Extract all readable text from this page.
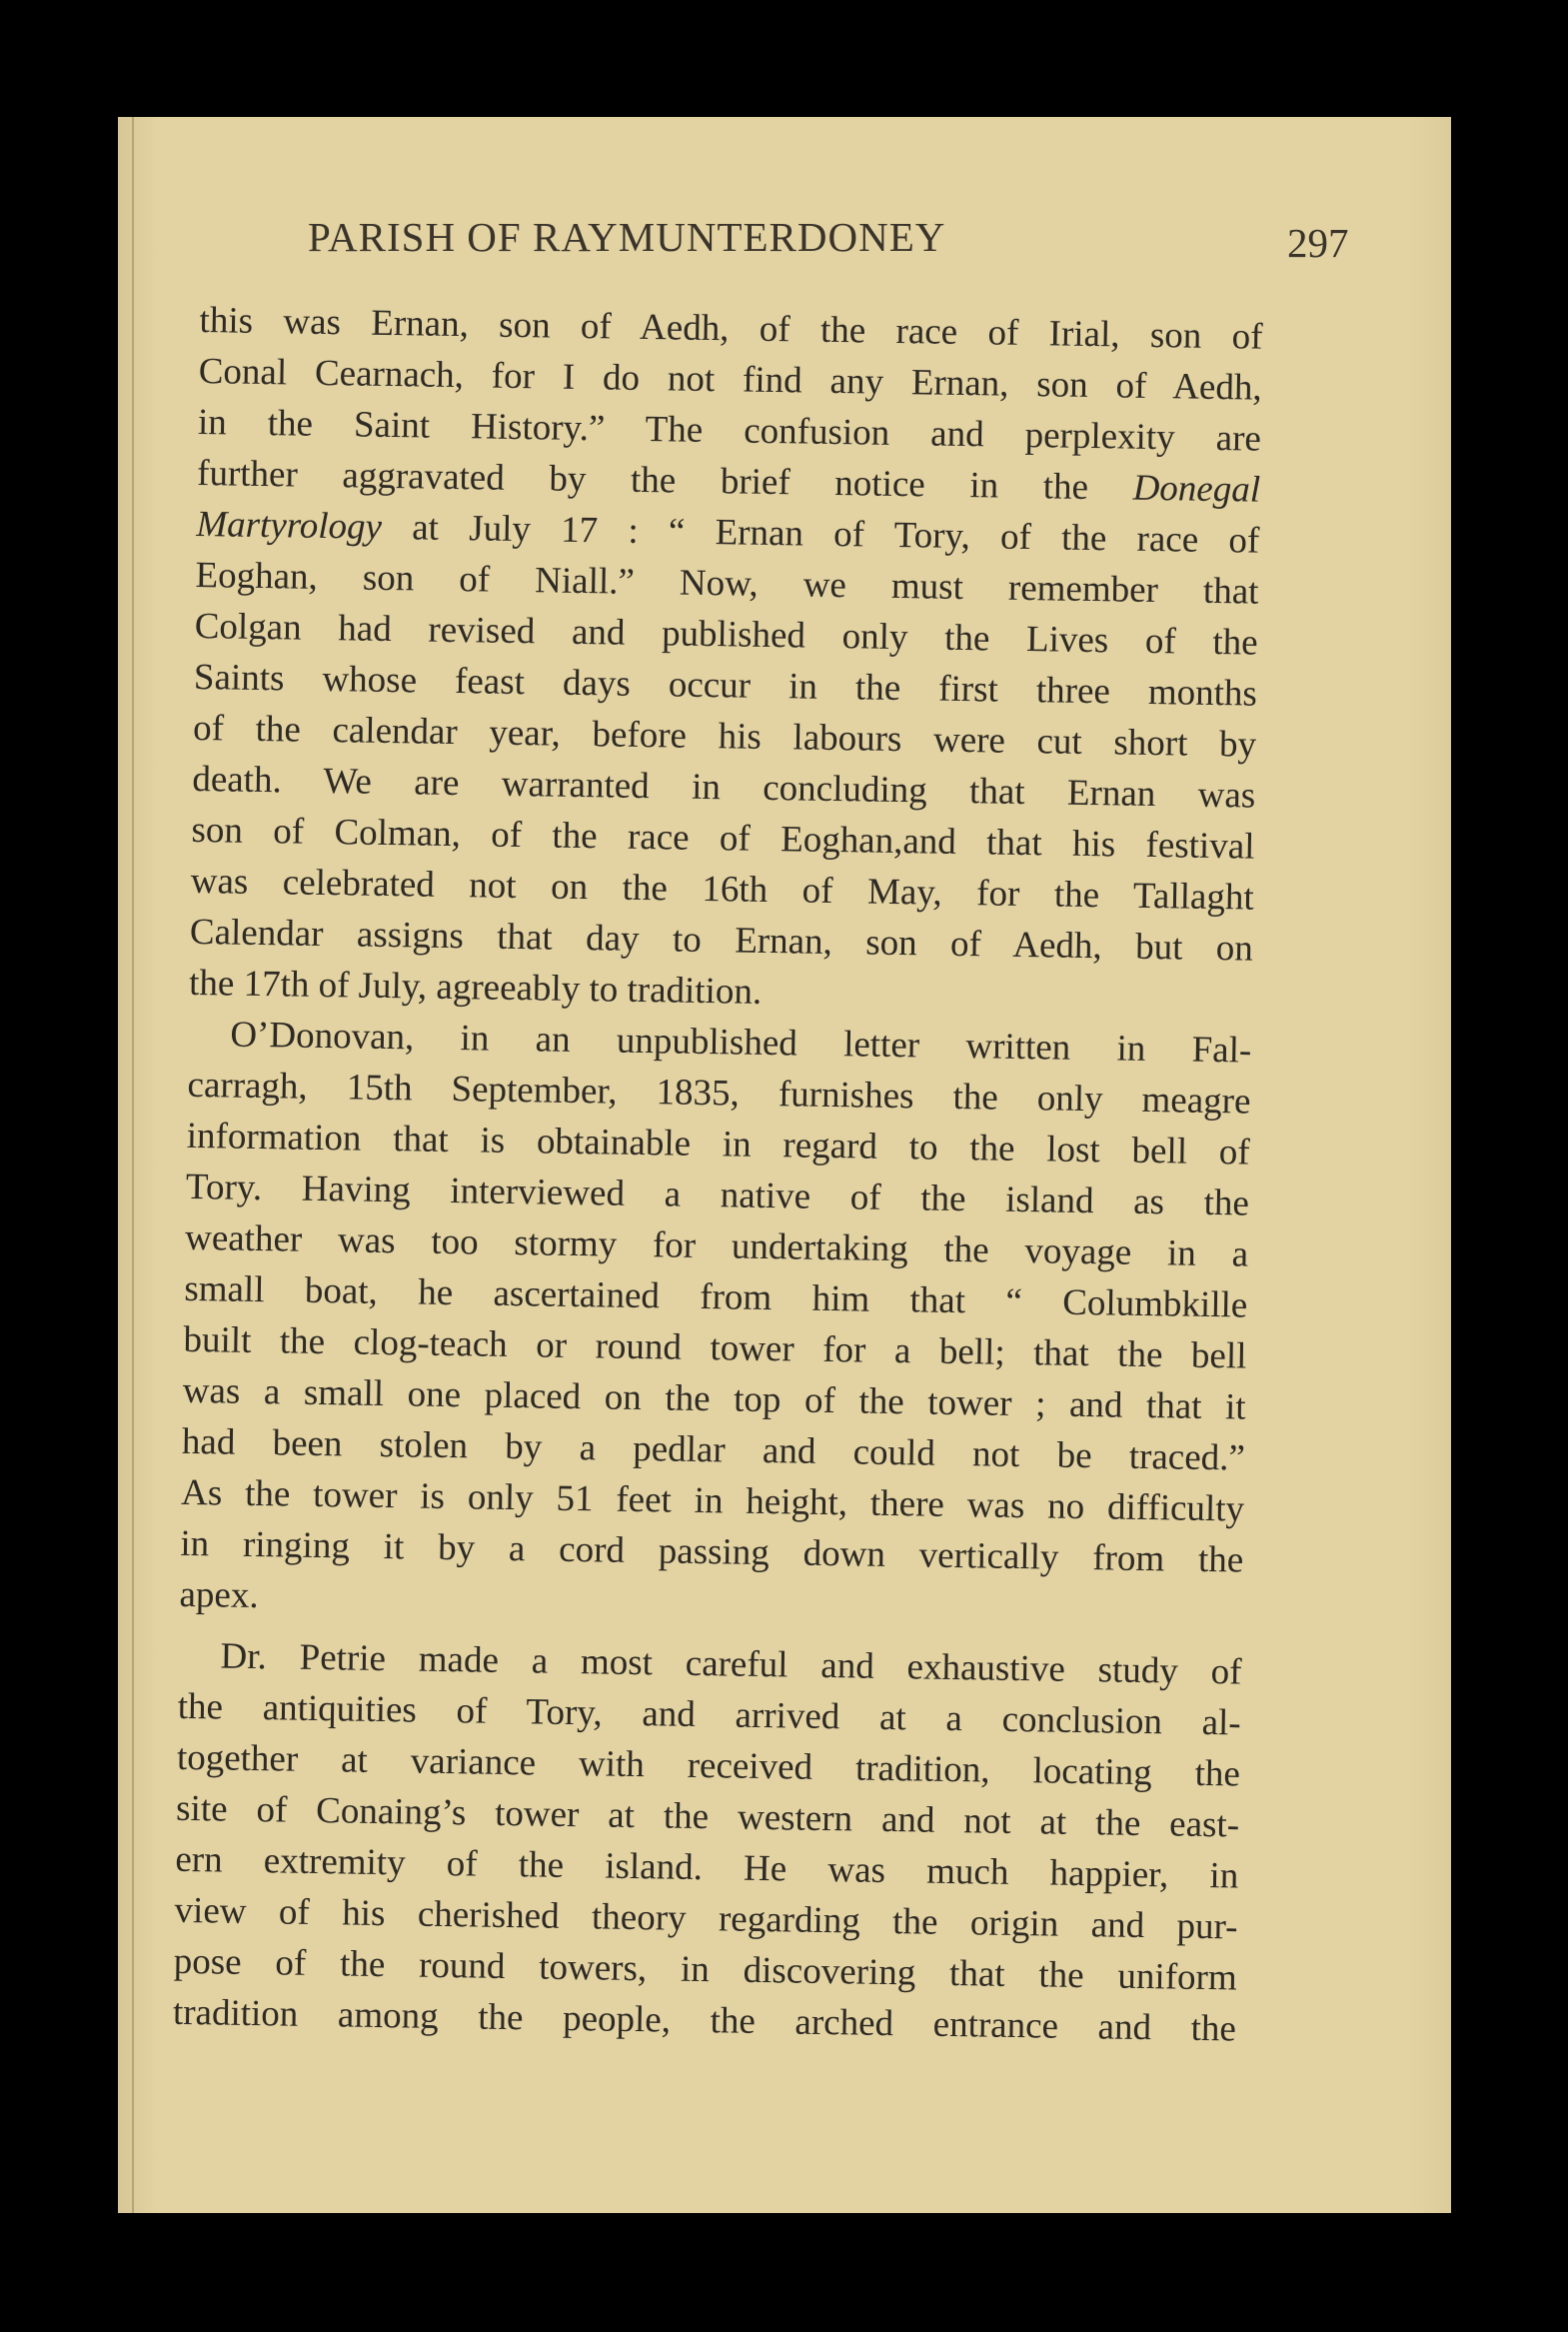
PARISH OF RAYMUNTERDONEY	297
this was Ernan, son of Aedh, of the race of Irial, son of
Conal Cearnach, for I do not find any Ernan, son of Aedh,
in the Saint History.” The confusion and perplexity are
further aggravated by the brief notice in the Donegal
Martyrology at July 17 : “ Ernan of Tory, of the race of
Eoghan, son of Niall.” Now, we must remember that
Colgan had revised and published only the Lives of the
Saints whose feast days occur in the first three months
of the calendar year, before his labours were cut short by
death. We are warranted in concluding that Ernan was
son of Colman, of the race of Eoghan,and that his festival
was celebrated not on the 16th of May, for the Tallaght
Calendar assigns that day to Ernan, son of Aedh, but on
the 17th of July, agreeably to tradition.
O’Donovan, in an unpublished letter written in Fal-
carragh, 15th September, 1835, furnishes the only meagre
information that is obtainable in regard to the lost bell of
Tory. Having interviewed a native of the island as the
weather was too stormy for undertaking the voyage in a
small boat, he ascertained from him that “ Columbkille
built the clog-teach or round tower for a bell; that the bell
was a small one placed on the top of the tower ; and that it
had been stolen by a pedlar and could not be traced.”
As the tower is only 51 feet in height, there was no difficulty
in ringing it by a cord passing down vertically from the
apex.
Dr. Petrie made a most careful and exhaustive study of
the antiquities of Tory, and arrived at a conclusion al-
together at variance with received tradition, locating the
site of Conaing’s tower at the western and not at the east-
ern extremity of the island. He was much happier, in
view of his cherished theory regarding the origin and pur-
pose of the round towers, in discovering that the uniform
tradition among the people, the arched entrance and the
